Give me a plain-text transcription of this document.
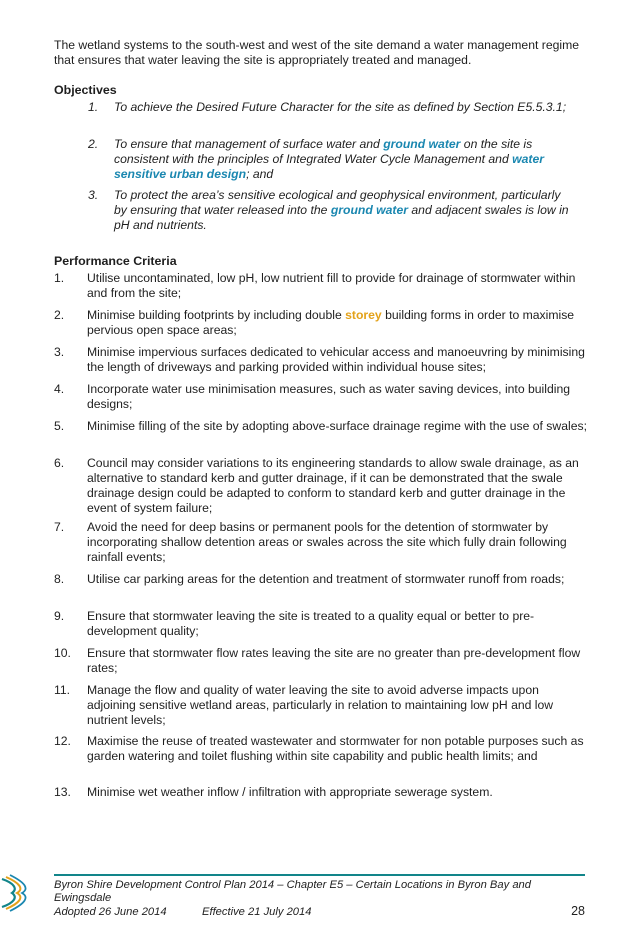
The wetland systems to the south-west and west of the site demand a water management regime that ensures that water leaving the site is appropriately treated and managed.

Objectives
1. To achieve the Desired Future Character for the site as defined by Section E5.5.3.1;
2. To ensure that management of surface water and ground water on the site is consistent with the principles of Integrated Water Cycle Management and water sensitive urban design; and
3. To protect the area’s sensitive ecological and geophysical environment, particularly by ensuring that water released into the ground water and adjacent swales is low in pH and nutrients.
Performance Criteria
1. Utilise uncontaminated, low pH, low nutrient fill to provide for drainage of stormwater within and from the site;
2. Minimise building footprints by including double storey building forms in order to maximise pervious open space areas;
3. Minimise impervious surfaces dedicated to vehicular access and manoeuvring by minimising the length of driveways and parking provided within individual house sites;
4. Incorporate water use minimisation measures, such as water saving devices, into building designs;
5. Minimise filling of the site by adopting above-surface drainage regime with the use of swales;
6. Council may consider variations to its engineering standards to allow swale drainage, as an alternative to standard kerb and gutter drainage, if it can be demonstrated that the swale drainage design could be adapted to conform to standard kerb and gutter drainage in the event of system failure;
7. Avoid the need for deep basins or permanent pools for the detention of stormwater by incorporating shallow detention areas or swales across the site which fully drain following rainfall events;
8. Utilise car parking areas for the detention and treatment of stormwater runoff from roads;
9. Ensure that stormwater leaving the site is treated to a quality equal or better to pre-development quality;
10. Ensure that stormwater flow rates leaving the site are no greater than pre-development flow rates;
11. Manage the flow and quality of water leaving the site to avoid adverse impacts upon adjoining sensitive wetland areas, particularly in relation to maintaining low pH and low nutrient levels;
12. Maximise the reuse of treated wastewater and stormwater for non potable purposes such as garden watering and toilet flushing within site capability and public health limits; and
13. Minimise wet weather inflow / infiltration with appropriate sewerage system.
Byron Shire Development Control Plan 2014 – Chapter E5 – Certain Locations in Byron Bay and Ewingsdale
Adopted 26 June 2014	Effective 21 July 2014	28
